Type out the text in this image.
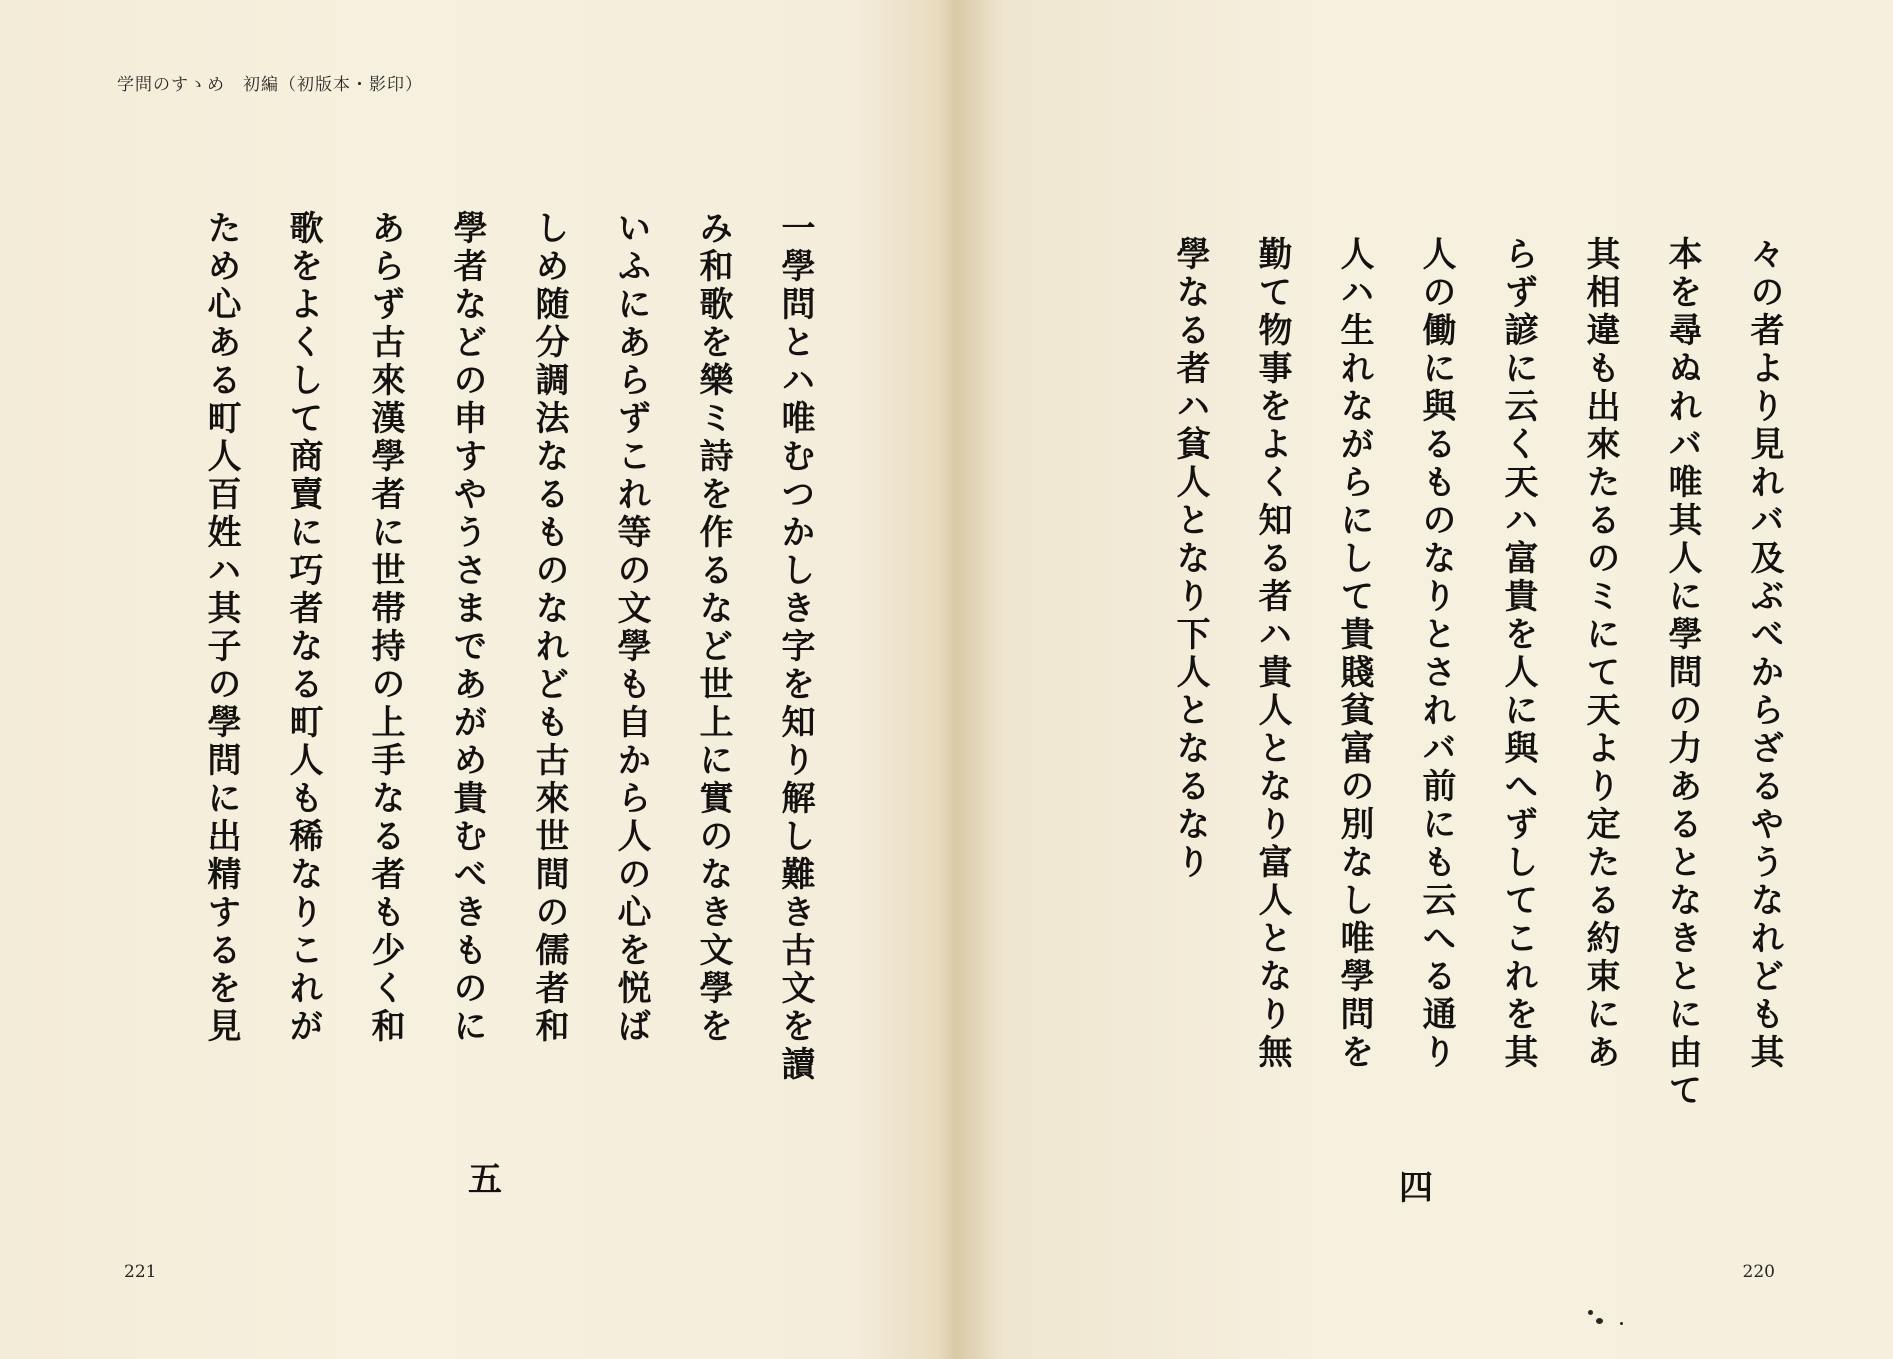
学問のすゝめ　初編（初版本・影印）
一學問とハ唯むつかしき字を知り解し難き古文を讀
み和歌を樂ミ詩を作るなど世上に實のなき文學を
いふにあらずこれ等の文學も自から人の心を悦ば
しめ随分調法なるものなれども古來世間の儒者和
學者などの申すやうさまであがめ貴むべきものに
あらず古來漢學者に世帯持の上手なる者も少く和
歌をよくして商賣に巧者なる町人も稀なりこれが
ため心ある町人百姓ハ其子の學問に出精するを見
五
221
々の者より見れバ及ぶべからざるやうなれども其
本を尋ぬれバ唯其人に學問の力あるとなきとに由て
其相違も出來たるのミにて天より定たる約束にあ
らず諺に云く天ハ富貴を人に與へずしてこれを其
人の働に與るものなりとされバ前にも云へる通り
人ハ生れながらにして貴賤貧富の別なし唯學問を
勤て物事をよく知る者ハ貴人となり富人となり無
學なる者ハ貧人となり下人となるなり
四
220
